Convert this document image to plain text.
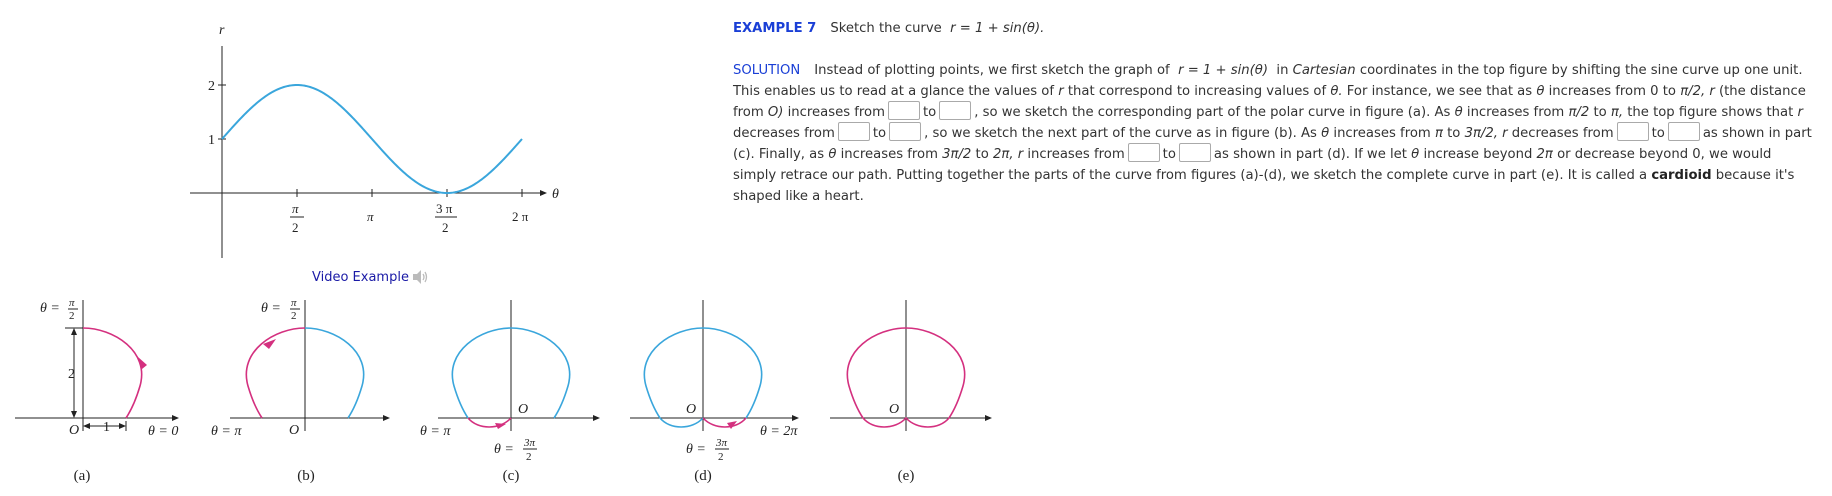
r
θ
2
1
π
2
π
3 π
2
2 π
Video Example
2
1
O	θ = 0
θ = π
2
(a)
θ = π
2
θ = π	O
(b)
O
θ = π
θ = 3π
2
(c)
O
θ = 2π
θ = 3π
2
(d)
O
(e)

EXAMPLE 7 Sketch the curve r = 1 + sin(θ).

SOLUTION Instead of plotting points, we first sketch the graph of r = 1 + sin(θ) in Cartesian coordinates in the top figure by shifting the sine curve up one unit. This enables us to read at a glance the values of r that correspond to increasing values of θ. For instance, we see that as θ increases from 0 to π/2, r (the distance from O) increases from	to	, so we sketch the corresponding part of the polar curve in figure (a). As θ increases from π/2 to π, the top figure shows that r decreases from	to	, so we sketch the next part of the curve as in figure (b). As θ increases from π to 3π/2, r decreases from	to	as shown in part (c). Finally, as θ increases from 3π/2 to 2π, r increases from	to	as shown in part (d). If we let θ increase beyond 2π or decrease beyond 0, we would simply retrace our path. Putting together the parts of the curve from figures (a)-(d), we sketch the complete curve in part (e). It is called a cardioid because it's shaped like a heart.
